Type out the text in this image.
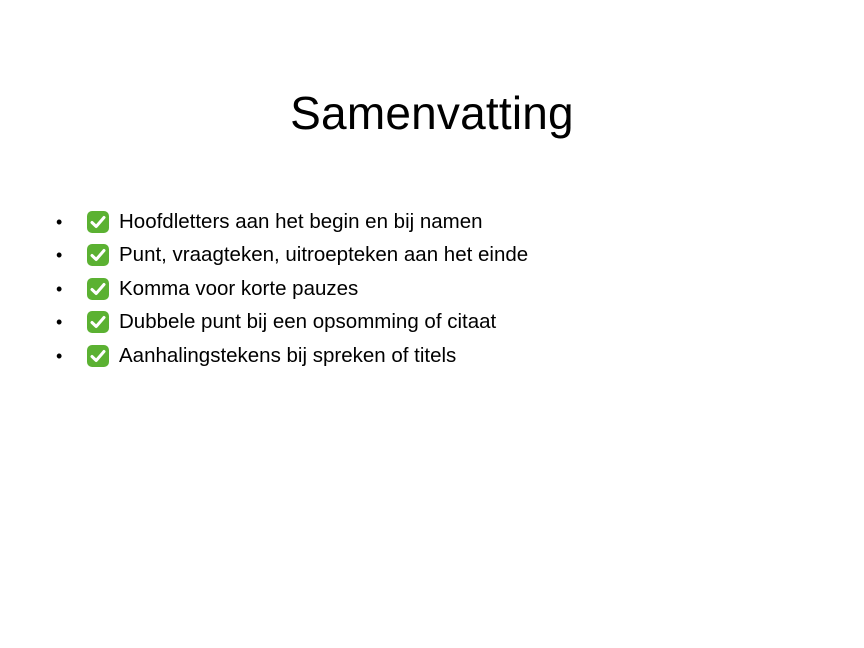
Samenvatting
•	Hoofdletters aan het begin en bij namen
•	Punt, vraagteken, uitroepteken aan het einde
•	Komma voor korte pauzes
•	Dubbele punt bij een opsomming of citaat
•	Aanhalingstekens bij spreken of titels
